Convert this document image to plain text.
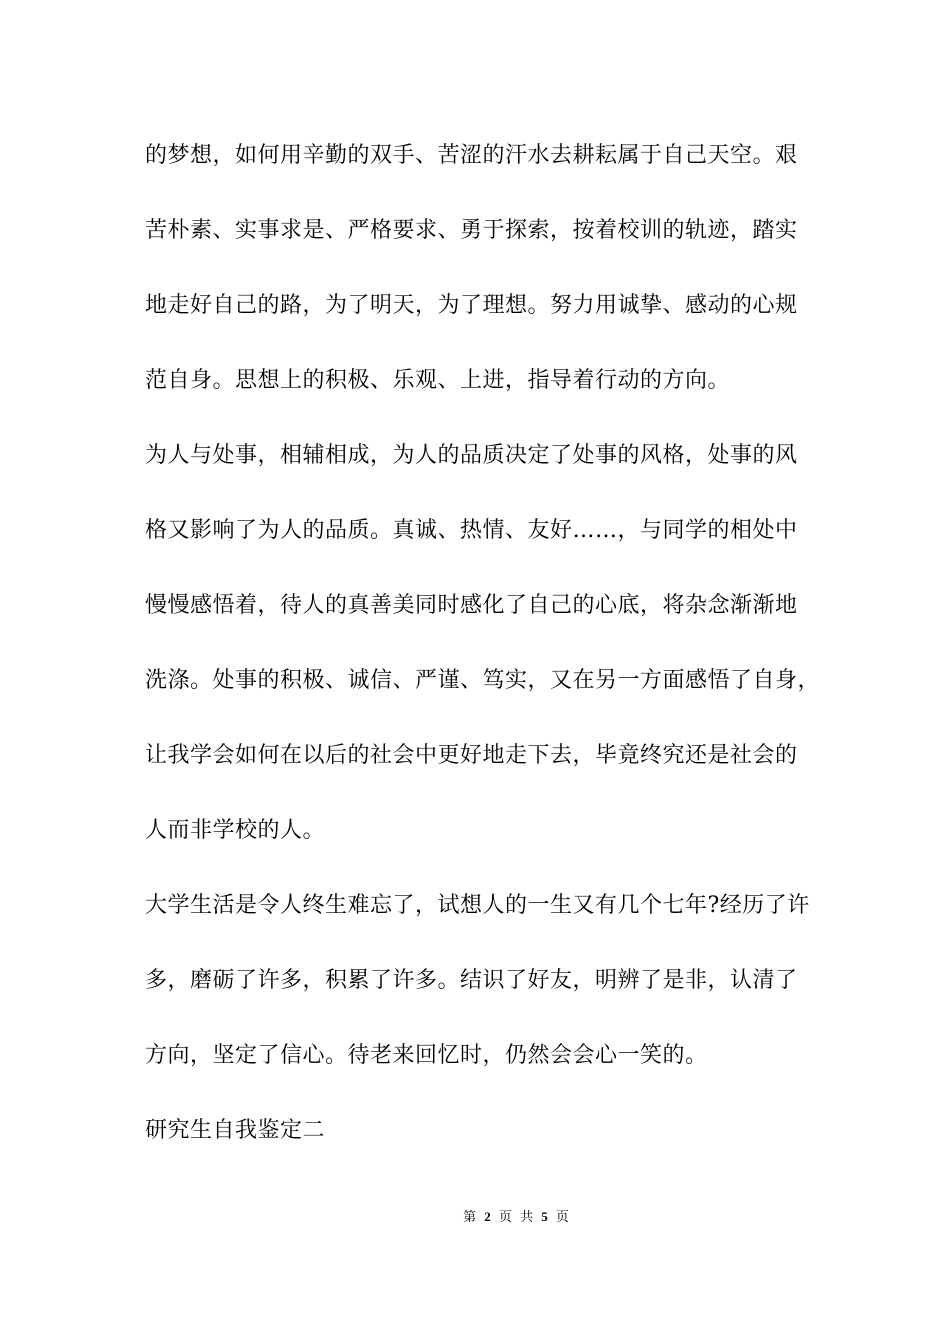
的梦想，如何用辛勤的双手、苦涩的汗水去耕耘属于自己天空。艰
苦朴素、实事求是、严格要求、勇于探索，按着校训的轨迹，踏实
地走好自己的路，为了明天，为了理想。努力用诚挚、感动的心规
范自身。思想上的积极、乐观、上进，指导着行动的方向。
为人与处事，相辅相成，为人的品质决定了处事的风格，处事的风
格又影响了为人的品质。真诚、热情、友好……，与同学的相处中
慢慢感悟着，待人的真善美同时感化了自己的心底，将杂念渐渐地
洗涤。处事的积极、诚信、严谨、笃实，又在另一方面感悟了自身，
让我学会如何在以后的社会中更好地走下去，毕竟终究还是社会的
人而非学校的人。
大学生活是令人终生难忘了，试想人的一生又有几个七年?经历了许
多，磨砺了许多，积累了许多。结识了好友，明辨了是非，认清了
方向，坚定了信心。待老来回忆时，仍然会会心一笑的。
研究生自我鉴定二
第 2 页 共 5 页
